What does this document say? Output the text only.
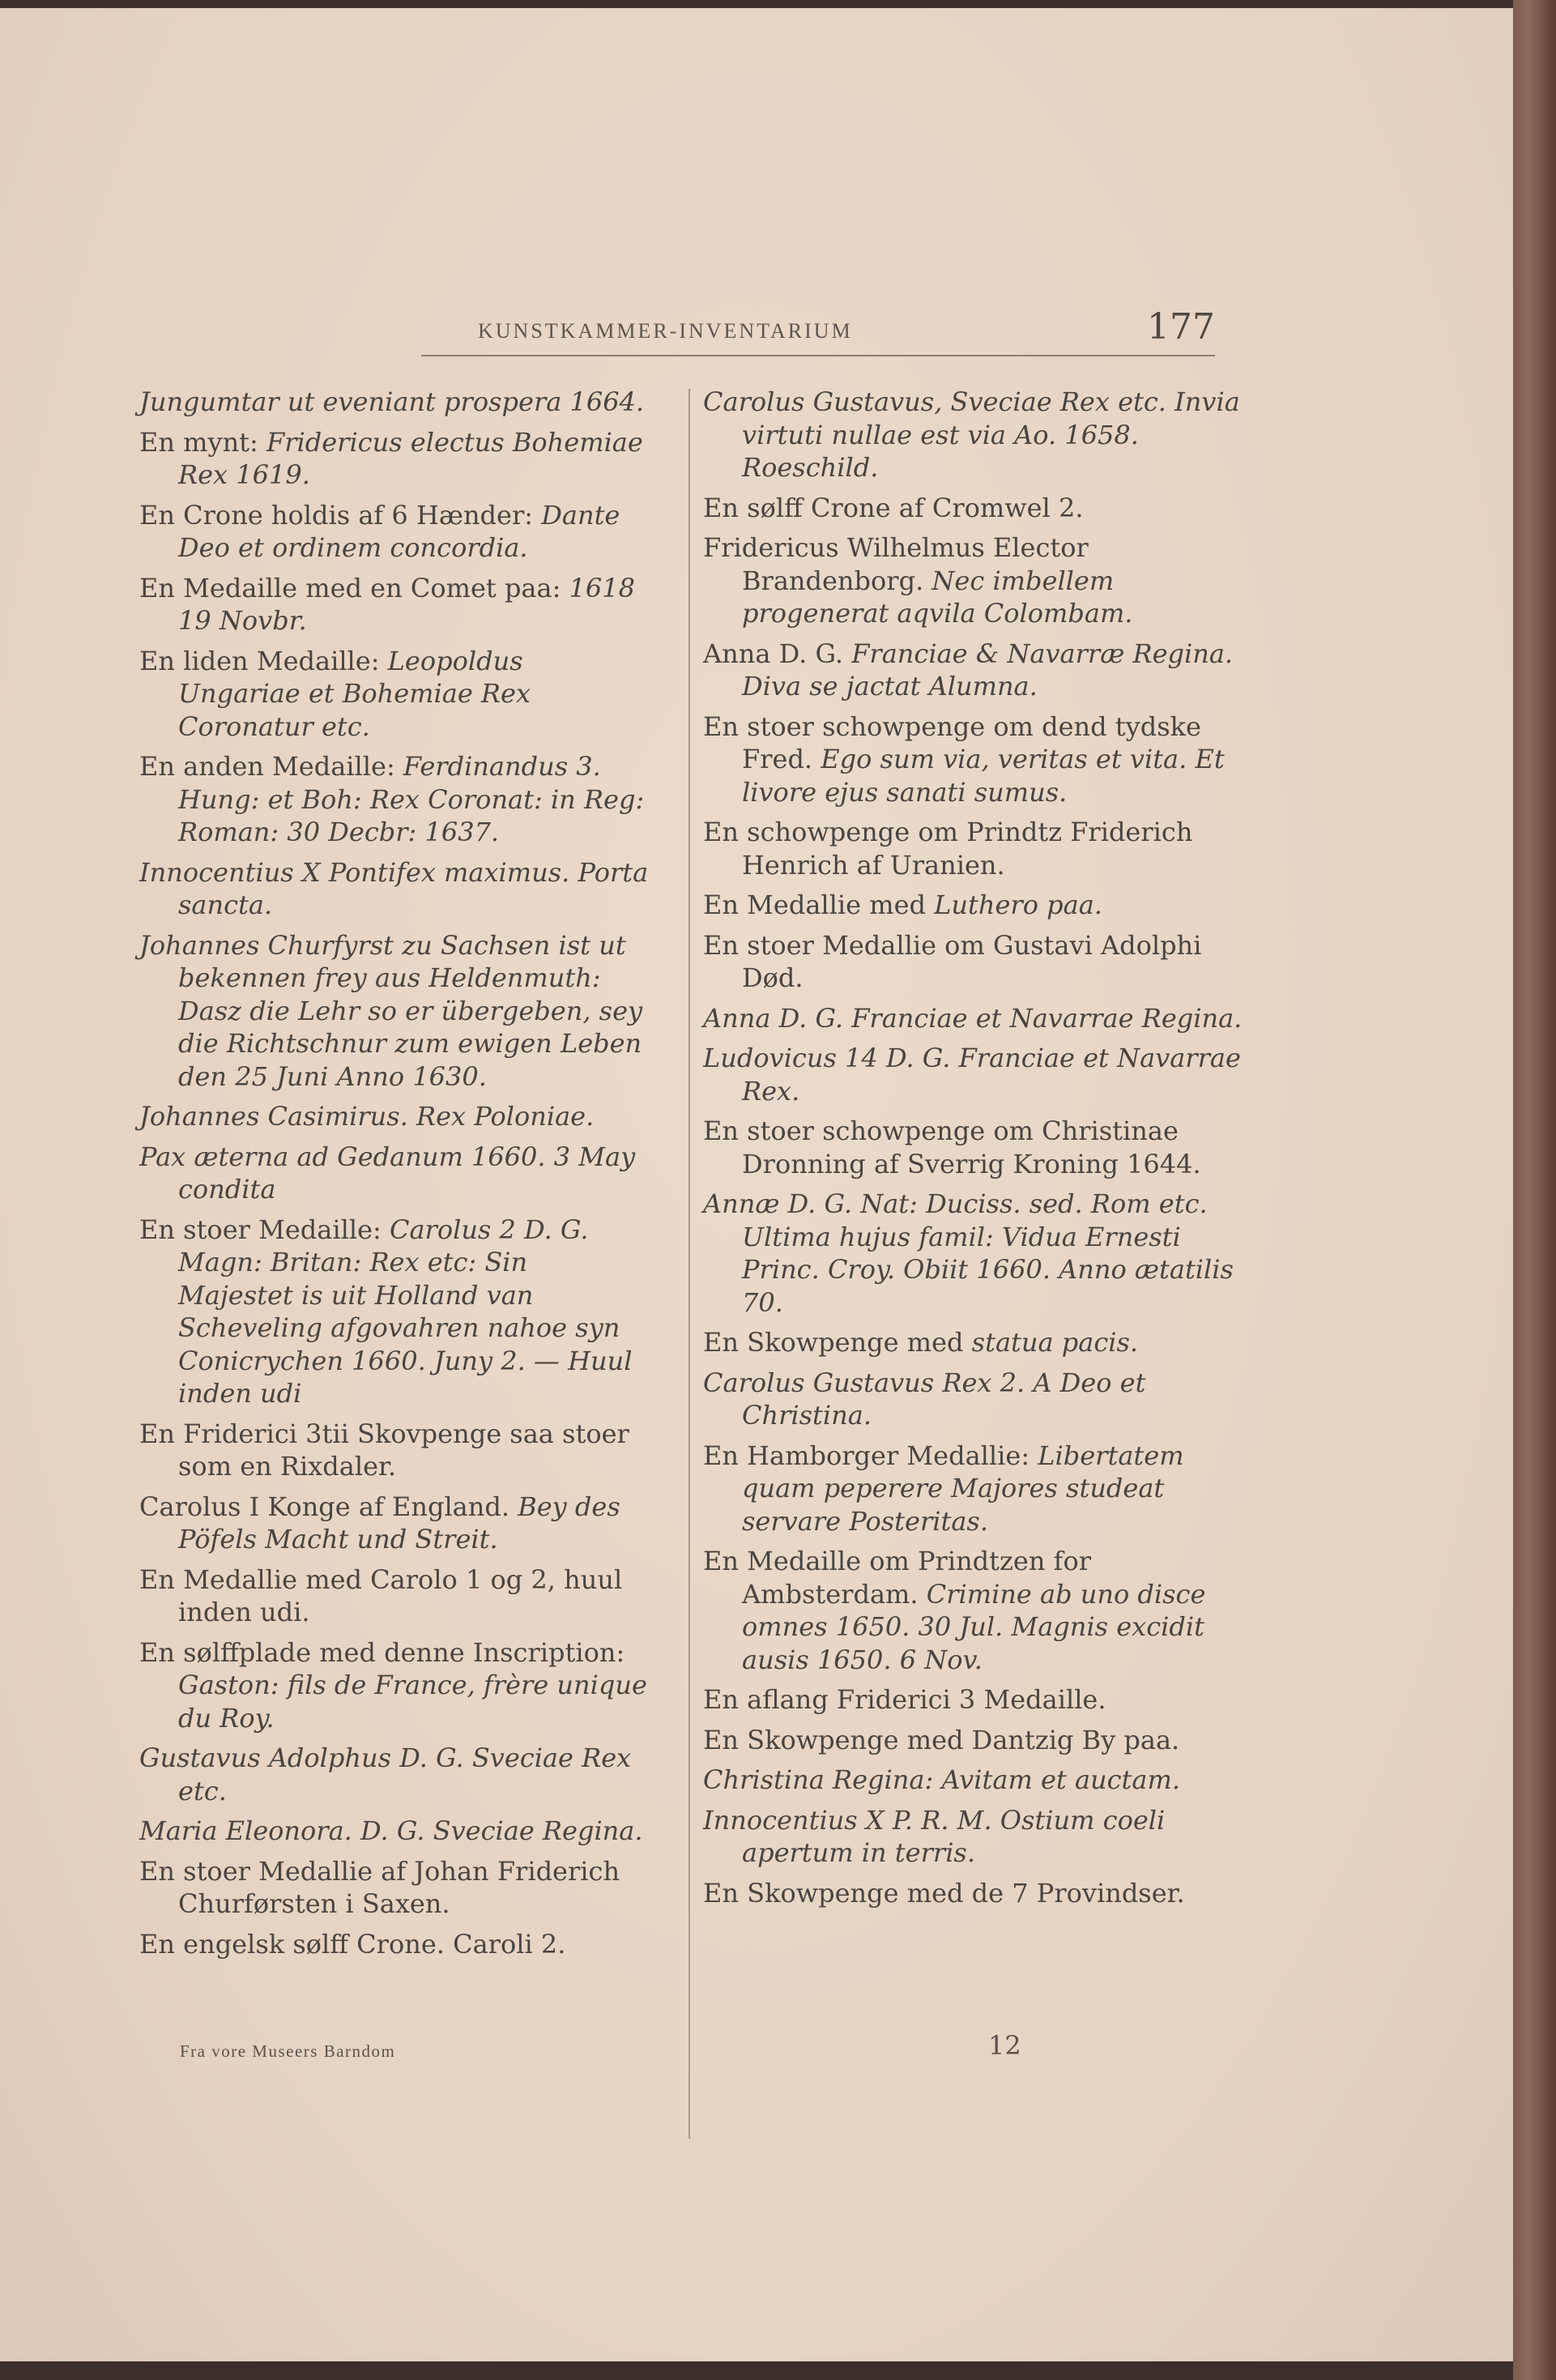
KUNSTKAMMER-INVENTARIUM	177
Jungumtar ut eveniant prospera 1664.
En mynt: Fridericus electus Bohemiae Rex 1619.
En Crone holdis af 6 Hænder: Dante Deo et ordinem concordia.
En Medaille med en Comet paa: 1618 19 Novbr.
En liden Medaille: Leopoldus Ungariae et Bohemiae Rex Coronatur etc.
En anden Medaille: Ferdinandus 3. Hung: et Boh: Rex Coronat: in Reg: Roman: 30 Decbr: 1637.
Innocentius X Pontifex maximus. Porta sancta.
Johannes Churfyrst zu Sachsen ist ut bekennen frey aus Heldenmuth: Dasz die Lehr so er übergeben, sey die Richtschnur zum ewigen Leben den 25 Juni Anno 1630.
Johannes Casimirus. Rex Poloniae.
Pax æterna ad Gedanum 1660. 3 May condita
En stoer Medaille: Carolus 2 D. G. Magn: Britan: Rex etc: Sin Majestet is uit Holland van Scheveling afgovahren nahoe syn Conicrychen 1660. Juny 2. — Huul inden udi
En Friderici 3tii Skovpenge saa stoer som en Rixdaler.
Carolus I Konge af England. Bey des Pöfels Macht und Streit.
En Medallie med Carolo 1 og 2, huul inden udi.
En sølffplade med denne Inscription: Gaston: fils de France, frère unique du Roy.
Gustavus Adolphus D. G. Sveciae Rex etc.
Maria Eleonora. D. G. Sveciae Regina.
En stoer Medallie af Johan Friderich Churførsten i Saxen.
En engelsk sølff Crone. Caroli 2.
Carolus Gustavus, Sveciae Rex etc. Invia virtuti nullae est via Ao. 1658. Roeschild.
En sølff Crone af Cromwel 2.
Fridericus Wilhelmus Elector Brandenborg. Nec imbellem progenerat aqvila Colombam.
Anna D. G. Franciae & Navarræ Regina. Diva se jactat Alumna.
En stoer schowpenge om dend tydske Fred. Ego sum via, veritas et vita. Et livore ejus sanati sumus.
En schowpenge om Prindtz Friderich Henrich af Uranien.
En Medallie med Luthero paa.
En stoer Medallie om Gustavi Adolphi Død.
Anna D. G. Franciae et Navarrae Regina.
Ludovicus 14 D. G. Franciae et Navarrae Rex.
En stoer schowpenge om Christinae Dronning af Sverrig Kroning 1644.
Annæ D. G. Nat: Duciss. sed. Rom etc. Ultima hujus famil: Vidua Ernesti Princ. Croy. Obiit 1660. Anno ætatilis 70.
En Skowpenge med statua pacis.
Carolus Gustavus Rex 2. A Deo et Christina.
En Hamborger Medallie: Libertatem quam peperere Majores studeat servare Posteritas.
En Medaille om Prindtzen for Ambsterdam. Crimine ab uno disce omnes 1650. 30 Jul. Magnis excidit ausis 1650. 6 Nov.
En aflang Friderici 3 Medaille.
En Skowpenge med Dantzig By paa.
Christina Regina: Avitam et auctam.
Innocentius X P. R. M. Ostium coeli apertum in terris.
En Skowpenge med de 7 Provindser.
Fra vore Museers Barndom	12
